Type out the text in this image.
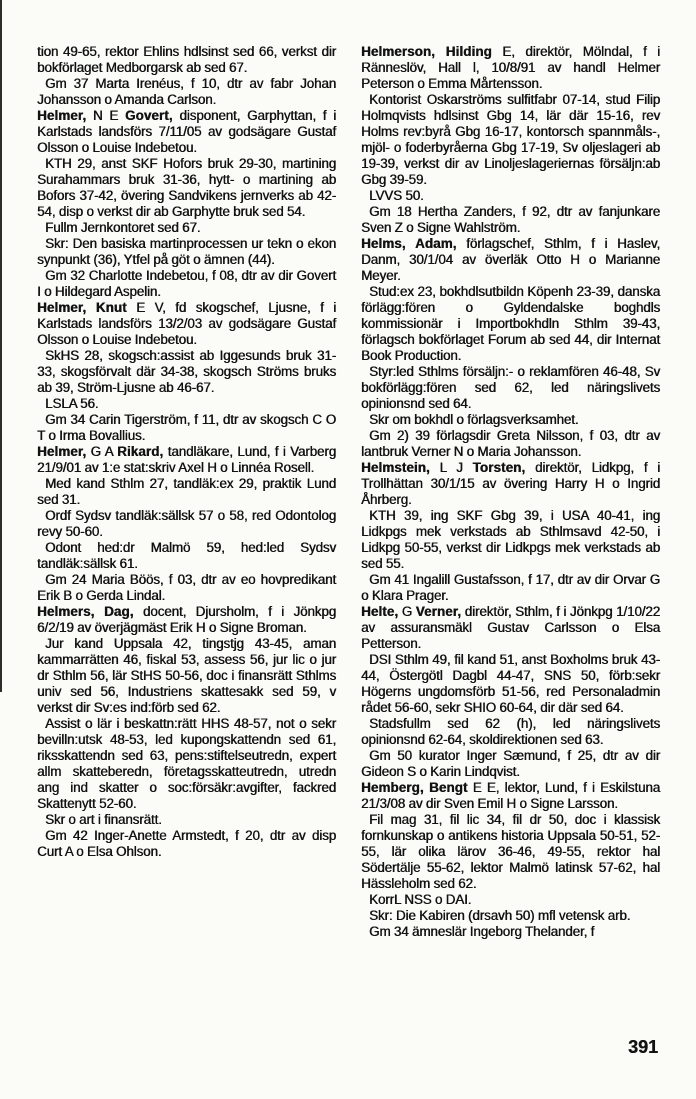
tion 49-65, rektor Ehlins hdlsinst sed 66, verkst dir bokförlaget Medborgarsk ab sed 67.

Gm 37 Marta Irenéus, f 10, dtr av fabr Johan Johansson o Amanda Carlson.

Helmer, N E Govert, disponent, Garphyttan, f i Karlstads landsförs 7/11/05 av godsägare Gustaf Olsson o Louise Indebetou.

KTH 29, anst SKF Hofors bruk 29-30, martining Surahammars bruk 31-36, hytt- o martining ab Bofors 37-42, övering Sandvikens jernverks ab 42-54, disp o verkst dir ab Garphytte bruk sed 54.

Fullm Jernkontoret sed 67.

Skr: Den basiska martinprocessen ur tekn o ekon synpunkt (36), Ytfel på göt o ämnen (44).

Gm 32 Charlotte Indebetou, f 08, dtr av dir Govert I o Hildegard Aspelin.

Helmer, Knut E V, fd skogschef, Ljusne, f i Karlstads landsförs 13/2/03 av godsägare Gustaf Olsson o Louise Indebetou.

SkHS 28, skogsch:assist ab Iggesunds bruk 31-33, skogsförvalt där 34-38, skogsch Ströms bruks ab 39, Ström-Ljusne ab 46-67.

LSLA 56.

Gm 34 Carin Tigerström, f 11, dtr av skogsch C O T o Irma Bovallius.

Helmer, G A Rikard, tandläkare, Lund, f i Varberg 21/9/01 av 1:e stat:skriv Axel H o Linnéa Rosell.

Med kand Sthlm 27, tandläk:ex 29, praktik Lund sed 31.

Ordf Sydsv tandläk:sällsk 57 o 58, red Odontolog revy 50-60.

Odont hed:dr Malmö 59, hed:led Sydsv tandläk:sällsk 61.

Gm 24 Maria Böös, f 03, dtr av eo hovpredikant Erik B o Gerda Lindal.

Helmers, Dag, docent, Djursholm, f i Jönkpg 6/2/19 av överjägmäst Erik H o Signe Broman.

Jur kand Uppsala 42, tingstjg 43-45, aman kammarrätten 46, fiskal 53, assess 56, jur lic o jur dr Sthlm 56, lär StHS 50-56, doc i finansrätt Sthlms univ sed 56, Industriens skattesakk sed 59, v verkst dir Sv:es ind:förb sed 62.

Assist o lär i beskattn:rätt HHS 48-57, not o sekr bevilln:utsk 48-53, led kupongskattendn sed 61, riksskattendn sed 63, pens:stiftelseutredn, expert allm skatteberedn, företagsskatteutredn, utredn ang ind skatter o soc:försäkr:avgifter, fackred Skattenytt 52-60.

Skr o art i finansrätt.

Gm 42 Inger-Anette Armstedt, f 20, dtr av disp Curt A o Elsa Ohlson.

Helmerson, Hilding E, direktör, Mölndal, f i Ränneslöv, Hall l, 10/8/91 av handl Helmer Peterson o Emma Mårtensson.

Kontorist Oskarströms sulfitfabr 07-14, stud Filip Holmqvists hdlsinst Gbg 14, lär där 15-16, rev Holms rev:byrå Gbg 16-17, kontorsch spannmåls-, mjöl- o foderbyråerna Gbg 17-19, Sv oljeslageri ab 19-39, verkst dir av Linoljeslageriernas försäljn:ab Gbg 39-59.

LVVS 50.

Gm 18 Hertha Zanders, f 92, dtr av fanjunkare Sven Z o Signe Wahlström.

Helms, Adam, förlagschef, Sthlm, f i Haslev, Danm, 30/1/04 av överläk Otto H o Marianne Meyer.

Stud:ex 23, bokhdlsutbildn Köpenh 23-39, danska förlägg:fören o Gyldendalske boghdls kommissionär i Importbokhdln Sthlm 39-43, förlagsch bokförlaget Forum ab sed 44, dir Internat Book Production.

Styr:led Sthlms försäljn:- o reklamfören 46-48, Sv bokförlägg:fören sed 62, led näringslivets opinionsnd sed 64.

Skr om bokhdl o förlagsverksamhet.

Gm 2) 39 förlagsdir Greta Nilsson, f 03, dtr av lantbruk Verner N o Maria Johansson.

Helmstein, L J Torsten, direktör, Lidkpg, f i Trollhättan 30/1/15 av övering Harry H o Ingrid Åhrberg.

KTH 39, ing SKF Gbg 39, i USA 40-41, ing Lidkpgs mek verkstads ab Sthlmsavd 42-50, i Lidkpg 50-55, verkst dir Lidkpgs mek verkstads ab sed 55.

Gm 41 Ingalill Gustafsson, f 17, dtr av dir Orvar G o Klara Prager.

Helte, G Verner, direktör, Sthlm, f i Jönkpg 1/10/22 av assuransmäkl Gustav Carlsson o Elsa Petterson.

DSI Sthlm 49, fil kand 51, anst Boxholms bruk 43-44, Östergötl Dagbl 44-47, SNS 50, förb:sekr Högerns ungdomsförb 51-56, red Personaladmin rådet 56-60, sekr SHIO 60-64, dir där sed 64.

Stadsfullm sed 62 (h), led näringslivets opinionsnd 62-64, skoldirektionen sed 63.

Gm 50 kurator Inger Sæmund, f 25, dtr av dir Gideon S o Karin Lindqvist.

Hemberg, Bengt E E, lektor, Lund, f i Eskilstuna 21/3/08 av dir Sven Emil H o Signe Larsson.

Fil mag 31, fil lic 34, fil dr 50, doc i klassisk fornkunskap o antikens historia Uppsala 50-51, 52-55, lär olika lärov 36-46, 49-55, rektor hal Södertälje 55-62, lektor Malmö latinsk 57-62, hal Hässleholm sed 62.

KorrL NSS o DAI.

Skr: Die Kabiren (drsavh 50) mfl vetensk arb.

Gm 34 ämneslär Ingeborg Thelander, f

391
